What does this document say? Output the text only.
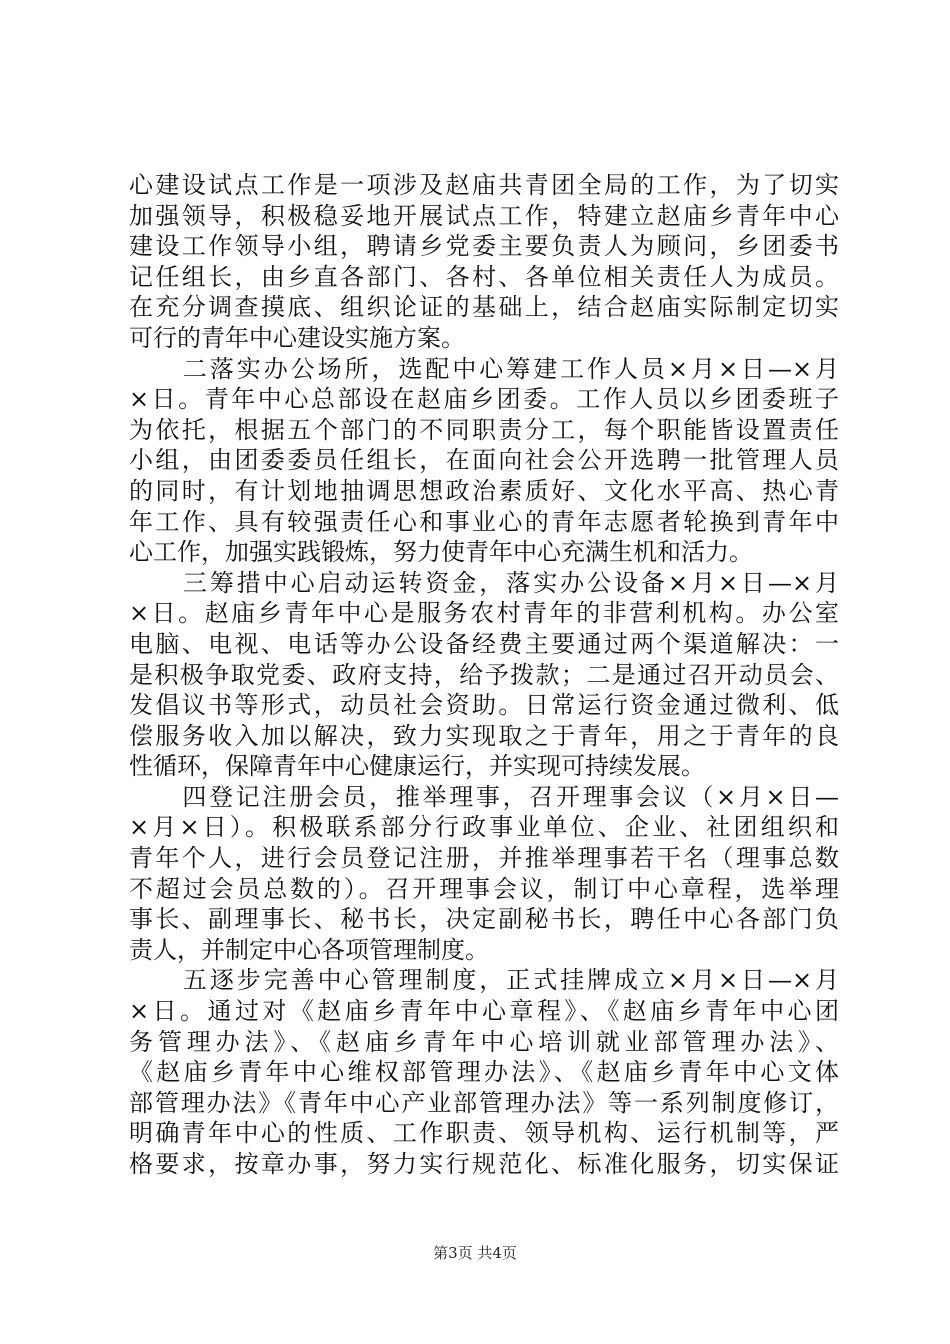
心建设试点工作是一项涉及赵庙共青团全局的工作，为了切实
加强领导，积极稳妥地开展试点工作，特建立赵庙乡青年中心
建设工作领导小组，聘请乡党委主要负责人为顾问，乡团委书
记任组长，由乡直各部门、各村、各单位相关责任人为成员。
在充分调查摸底、组织论证的基础上，结合赵庙实际制定切实
可行的青年中心建设实施方案。
　　二落实办公场所，选配中心筹建工作人员×月×日—×月
×日。青年中心总部设在赵庙乡团委。工作人员以乡团委班子
为依托，根据五个部门的不同职责分工，每个职能皆设置责任
小组，由团委委员任组长，在面向社会公开选聘一批管理人员
的同时，有计划地抽调思想政治素质好、文化水平高、热心青
年工作、具有较强责任心和事业心的青年志愿者轮换到青年中
心工作，加强实践锻炼，努力使青年中心充满生机和活力。
　　三筹措中心启动运转资金，落实办公设备×月×日—×月
×日。赵庙乡青年中心是服务农村青年的非营利机构。办公室
电脑、电视、电话等办公设备经费主要通过两个渠道解决：一
是积极争取党委、政府支持，给予拨款；二是通过召开动员会、
发倡议书等形式，动员社会资助。日常运行资金通过微利、低
偿服务收入加以解决，致力实现取之于青年，用之于青年的良
性循环，保障青年中心健康运行，并实现可持续发展。
　　四登记注册会员，推举理事，召开理事会议（×月×日—
×月×日）。积极联系部分行政事业单位、企业、社团组织和
青年个人，进行会员登记注册，并推举理事若干名（理事总数
不超过会员总数的）。召开理事会议，制订中心章程，选举理
事长、副理事长、秘书长，决定副秘书长，聘任中心各部门负
责人，并制定中心各项管理制度。
　　五逐步完善中心管理制度，正式挂牌成立×月×日—×月
×日。通过对《赵庙乡青年中心章程》、《赵庙乡青年中心团
务管理办法》、《赵庙乡青年中心培训就业部管理办法》、
《赵庙乡青年中心维权部管理办法》、《赵庙乡青年中心文体
部管理办法》《青年中心产业部管理办法》等一系列制度修订，
明确青年中心的性质、工作职责、领导机构、运行机制等，严
格要求，按章办事，努力实行规范化、标准化服务，切实保证
第3页 共4页
